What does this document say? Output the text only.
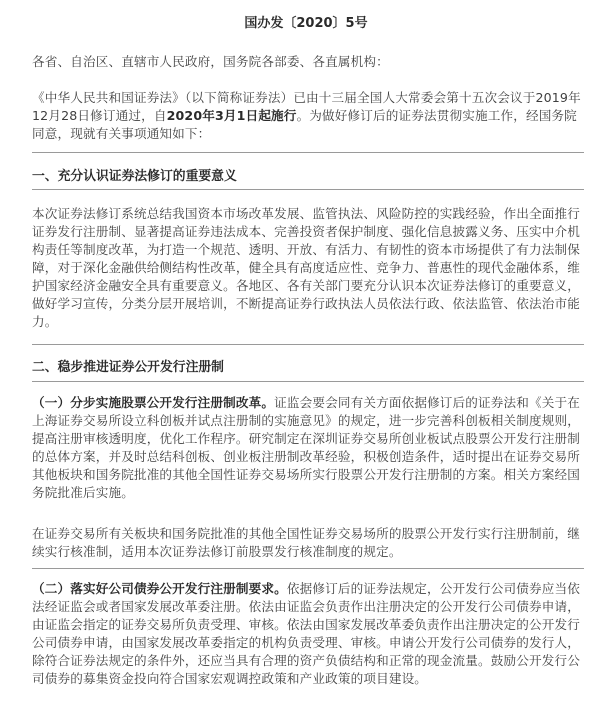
国办发〔2020〕5号

各省、自治区、直辖市人民政府，国务院各部委、各直属机构：

《中华人民共和国证券法》（以下简称证券法）已由十三届全国人大常委会第十五次会议于2019年12月28日修订通过，自2020年3月1日起施行。为做好修订后的证券法贯彻实施工作，经国务院同意，现就有关事项通知如下：

一、充分认识证券法修订的重要意义

本次证券法修订系统总结我国资本市场改革发展、监管执法、风险防控的实践经验，作出全面推行证券发行注册制、显著提高证券违法成本、完善投资者保护制度、强化信息披露义务、压实中介机构责任等制度改革，为打造一个规范、透明、开放、有活力、有韧性的资本市场提供了有力法制保障，对于深化金融供给侧结构性改革，健全具有高度适应性、竞争力、普惠性的现代金融体系，维护国家经济金融安全具有重要意义。各地区、各有关部门要充分认识本次证券法修订的重要意义，做好学习宣传，分类分层开展培训，不断提高证券行政执法人员依法行政、依法监管、依法治市能力。

二、稳步推进证券公开发行注册制

（一）分步实施股票公开发行注册制改革。证监会要会同有关方面依据修订后的证券法和《关于在上海证券交易所设立科创板并试点注册制的实施意见》的规定，进一步完善科创板相关制度规则，提高注册审核透明度，优化工作程序。研究制定在深圳证券交易所创业板试点股票公开发行注册制的总体方案，并及时总结科创板、创业板注册制改革经验，积极创造条件，适时提出在证券交易所其他板块和国务院批准的其他全国性证券交易场所实行股票公开发行注册制的方案。相关方案经国务院批准后实施。

在证券交易所有关板块和国务院批准的其他全国性证券交易场所的股票公开发行实行注册制前，继续实行核准制，适用本次证券法修订前股票发行核准制度的规定。

（二）落实好公司债券公开发行注册制要求。依据修订后的证券法规定，公开发行公司债券应当依法经证监会或者国家发展改革委注册。依法由证监会负责作出注册决定的公开发行公司债券申请，由证监会指定的证券交易所负责受理、审核。依法由国家发展改革委负责作出注册决定的公开发行公司债券申请，由国家发展改革委指定的机构负责受理、审核。申请公开发行公司债券的发行人，除符合证券法规定的条件外，还应当具有合理的资产负债结构和正常的现金流量。鼓励公开发行公司债券的募集资金投向符合国家宏观调控政策和产业政策的项目建设。
